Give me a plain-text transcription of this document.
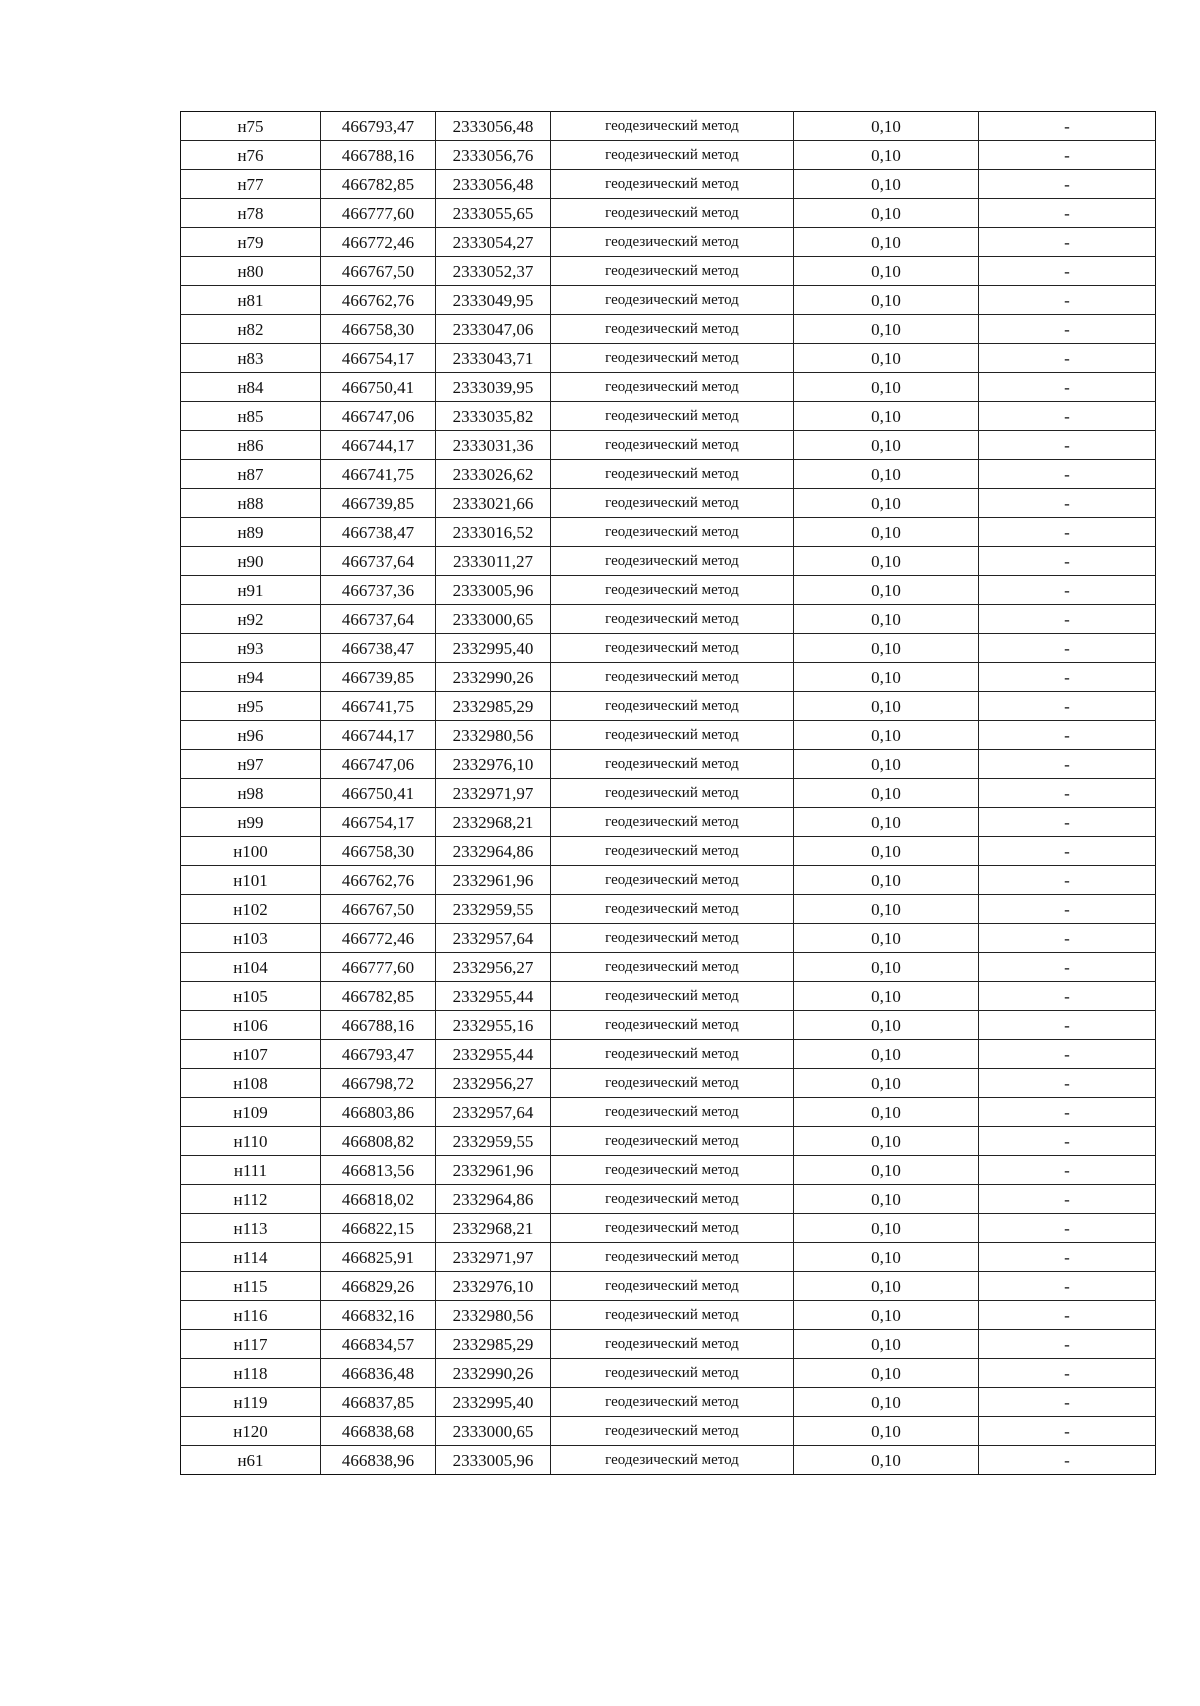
н75	466793,47	2333056,48	геодезический метод	0,10	-
н76	466788,16	2333056,76	геодезический метод	0,10	-
н77	466782,85	2333056,48	геодезический метод	0,10	-
н78	466777,60	2333055,65	геодезический метод	0,10	-
н79	466772,46	2333054,27	геодезический метод	0,10	-
н80	466767,50	2333052,37	геодезический метод	0,10	-
н81	466762,76	2333049,95	геодезический метод	0,10	-
н82	466758,30	2333047,06	геодезический метод	0,10	-
н83	466754,17	2333043,71	геодезический метод	0,10	-
н84	466750,41	2333039,95	геодезический метод	0,10	-
н85	466747,06	2333035,82	геодезический метод	0,10	-
н86	466744,17	2333031,36	геодезический метод	0,10	-
н87	466741,75	2333026,62	геодезический метод	0,10	-
н88	466739,85	2333021,66	геодезический метод	0,10	-
н89	466738,47	2333016,52	геодезический метод	0,10	-
н90	466737,64	2333011,27	геодезический метод	0,10	-
н91	466737,36	2333005,96	геодезический метод	0,10	-
н92	466737,64	2333000,65	геодезический метод	0,10	-
н93	466738,47	2332995,40	геодезический метод	0,10	-
н94	466739,85	2332990,26	геодезический метод	0,10	-
н95	466741,75	2332985,29	геодезический метод	0,10	-
н96	466744,17	2332980,56	геодезический метод	0,10	-
н97	466747,06	2332976,10	геодезический метод	0,10	-
н98	466750,41	2332971,97	геодезический метод	0,10	-
н99	466754,17	2332968,21	геодезический метод	0,10	-
н100	466758,30	2332964,86	геодезический метод	0,10	-
н101	466762,76	2332961,96	геодезический метод	0,10	-
н102	466767,50	2332959,55	геодезический метод	0,10	-
н103	466772,46	2332957,64	геодезический метод	0,10	-
н104	466777,60	2332956,27	геодезический метод	0,10	-
н105	466782,85	2332955,44	геодезический метод	0,10	-
н106	466788,16	2332955,16	геодезический метод	0,10	-
н107	466793,47	2332955,44	геодезический метод	0,10	-
н108	466798,72	2332956,27	геодезический метод	0,10	-
н109	466803,86	2332957,64	геодезический метод	0,10	-
н110	466808,82	2332959,55	геодезический метод	0,10	-
н111	466813,56	2332961,96	геодезический метод	0,10	-
н112	466818,02	2332964,86	геодезический метод	0,10	-
н113	466822,15	2332968,21	геодезический метод	0,10	-
н114	466825,91	2332971,97	геодезический метод	0,10	-
н115	466829,26	2332976,10	геодезический метод	0,10	-
н116	466832,16	2332980,56	геодезический метод	0,10	-
н117	466834,57	2332985,29	геодезический метод	0,10	-
н118	466836,48	2332990,26	геодезический метод	0,10	-
н119	466837,85	2332995,40	геодезический метод	0,10	-
н120	466838,68	2333000,65	геодезический метод	0,10	-
н61	466838,96	2333005,96	геодезический метод	0,10	-
